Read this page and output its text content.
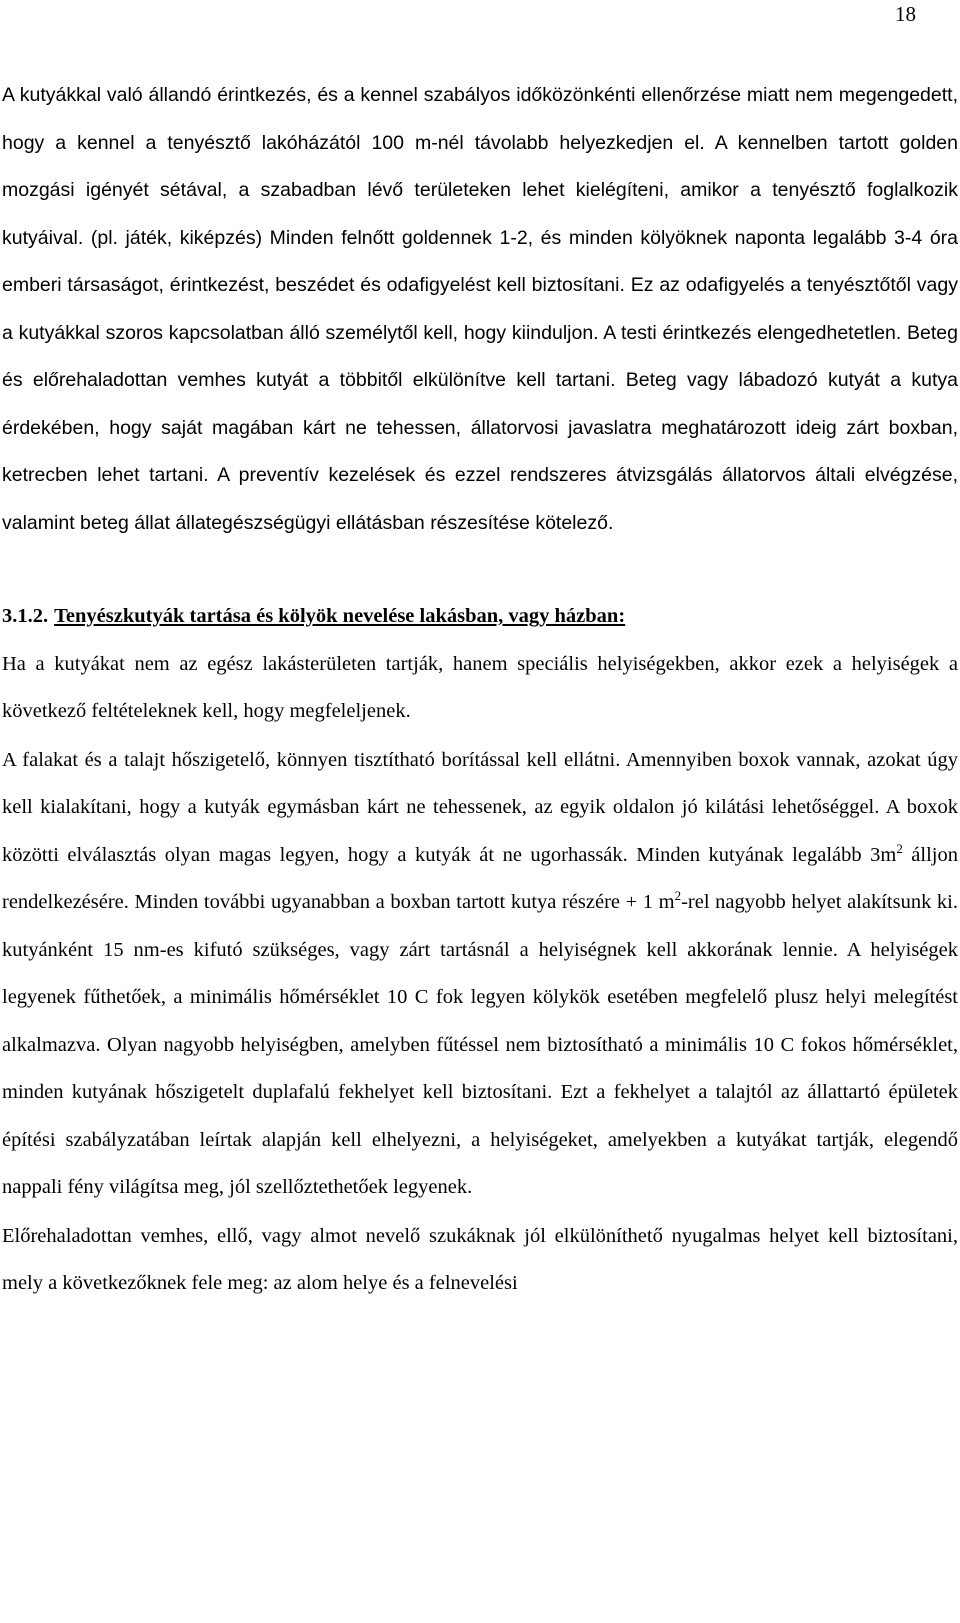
18

A kutyákkal való állandó érintkezés, és a kennel szabályos időközönkénti ellenőrzése miatt nem megengedett, hogy a kennel a tenyésztő lakóházától 100 m-nél távolabb helyezkedjen el. A kennelben tartott golden mozgási igényét sétával, a szabadban lévő területeken lehet kielégíteni, amikor a tenyésztő foglalkozik kutyáival. (pl. játék, kiképzés) Minden felnőtt goldennek 1-2, és minden kölyöknek naponta legalább 3-4 óra emberi társaságot, érintkezést, beszédet és odafigyelést kell biztosítani. Ez az odafigyelés a tenyésztőtől vagy a kutyákkal szoros kapcsolatban álló személytől kell, hogy kiinduljon. A testi érintkezés elengedhetetlen. Beteg és előrehaladottan vemhes kutyát a többitől elkülönítve kell tartani. Beteg vagy lábadozó kutyát a kutya érdekében, hogy saját magában kárt ne tehessen, állatorvosi javaslatra meghatározott ideig zárt boxban, ketrecben lehet tartani. A preventív kezelések és ezzel rendszeres átvizsgálás állatorvos általi elvégzése, valamint beteg állat állategészségügyi ellátásban részesítése kötelező.

3.1.2. Tenyészkutyák tartása és kölyök nevelése lakásban, vagy házban:

Ha a kutyákat nem az egész lakásterületen tartják, hanem speciális helyiségekben, akkor ezek a helyiségek a következő feltételeknek kell, hogy megfeleljenek.

A falakat és a talajt hőszigetelő, könnyen tisztítható borítással kell ellátni. Amennyiben boxok vannak, azokat úgy kell kialakítani, hogy a kutyák egymásban kárt ne tehessenek, az egyik oldalon jó kilátási lehetőséggel. A boxok közötti elválasztás olyan magas legyen, hogy a kutyák át ne ugorhassák. Minden kutyának legalább $3m^2$ álljon rendelkezésére. Minden további ugyanabban a boxban tartott kutya részére + 1 $m^2$-rel nagyobb helyet alakítsunk ki. kutyánként 15 nm-es kifutó szükséges, vagy zárt tartásnál a helyiségnek kell akkorának lennie. A helyiségek legyenek fűthetőek, a minimális hőmérséklet 10 C fok legyen kölykök esetében megfelelő plusz helyi melegítést alkalmazva. Olyan nagyobb helyiségben, amelyben fűtéssel nem biztosítható a minimális 10 C fokos hőmérséklet, minden kutyának hőszigetelt duplafalú fekhelyet kell biztosítani. Ezt a fekhelyet a talajtól az állattartó épületek építési szabályzatában leírtak alapján kell elhelyezni, a helyiségeket, amelyekben a kutyákat tartják, elegendő nappali fény világítsa meg, jól szellőztethetőek legyenek.

Előrehaladottan vemhes, ellő, vagy almot nevelő szukáknak jól elkülöníthető nyugalmas helyet kell biztosítani, mely a következőknek fele meg: az alom helye és a felnevelési
